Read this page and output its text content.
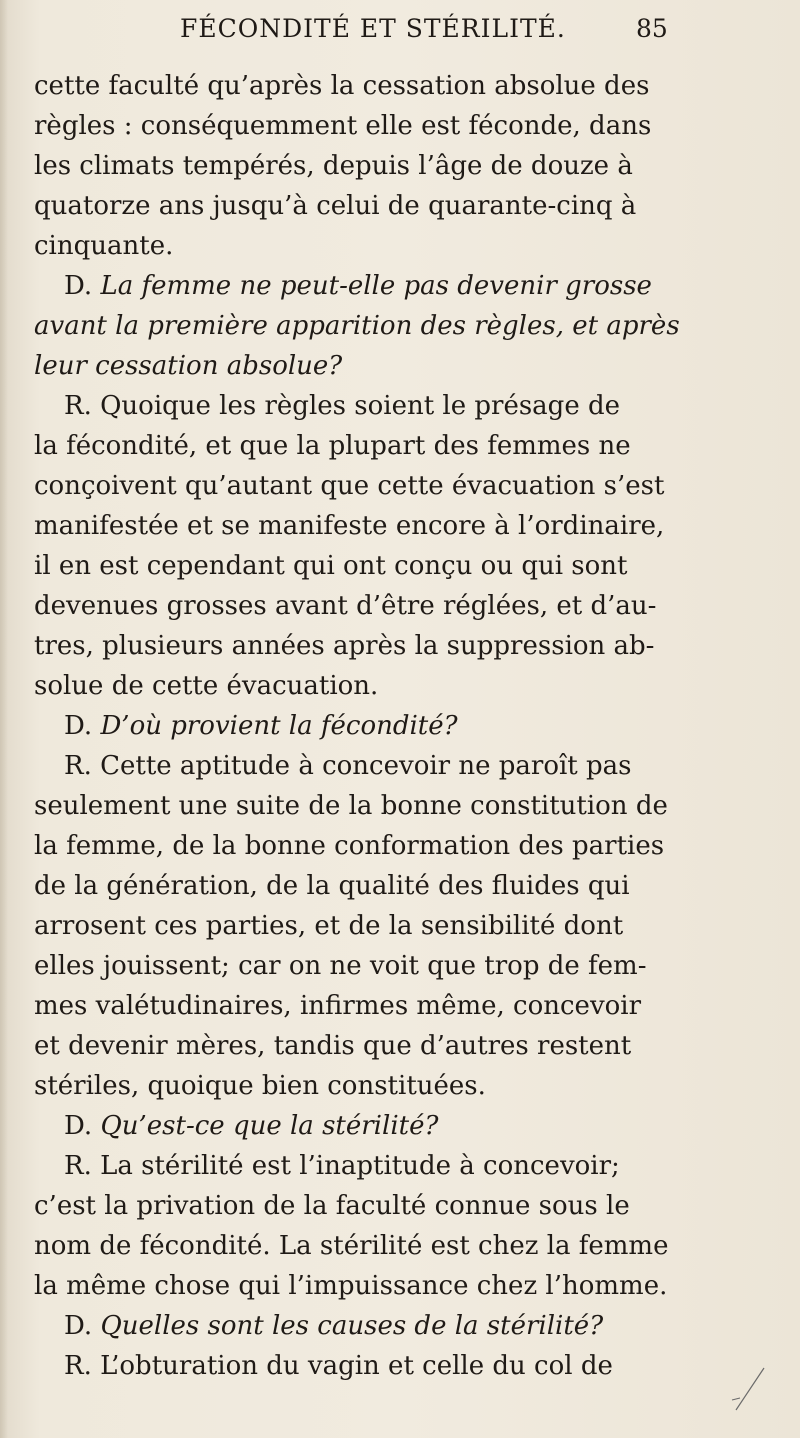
FÉCONDITÉ ET STÉRILITÉ.	85
cette faculté qu’après la cessation absolue des
règles : conséquemment elle est féconde, dans
les climats tempérés, depuis l’âge de douze à
quatorze ans jusqu’à celui de quarante-cinq à
cinquante.
D. La femme ne peut-elle pas devenir grosse
avant la première apparition des règles, et après
leur cessation absolue?
R. Quoique les règles soient le présage de
la fécondité, et que la plupart des femmes ne
conçoivent qu’autant que cette évacuation s’est
manifestée et se manifeste encore à l’ordinaire,
il en est cependant qui ont conçu ou qui sont
devenues grosses avant d’être réglées, et d’au-
tres, plusieurs années après la suppression ab-
solue de cette évacuation.
D. D’où provient la fécondité?
R. Cette aptitude à concevoir ne paroît pas
seulement une suite de la bonne constitution de
la femme, de la bonne conformation des parties
de la génération, de la qualité des fluides qui
arrosent ces parties, et de la sensibilité dont
elles jouissent; car on ne voit que trop de fem-
mes valétudinaires, infirmes même, concevoir
et devenir mères, tandis que d’autres restent
stériles, quoique bien constituées.
D. Qu’est-ce que la stérilité?
R. La stérilité est l’inaptitude à concevoir;
c’est la privation de la faculté connue sous le
nom de fécondité. La stérilité est chez la femme
la même chose qui l’impuissance chez l’homme.
D. Quelles sont les causes de la stérilité?
R. L’obturation du vagin et celle du col de
